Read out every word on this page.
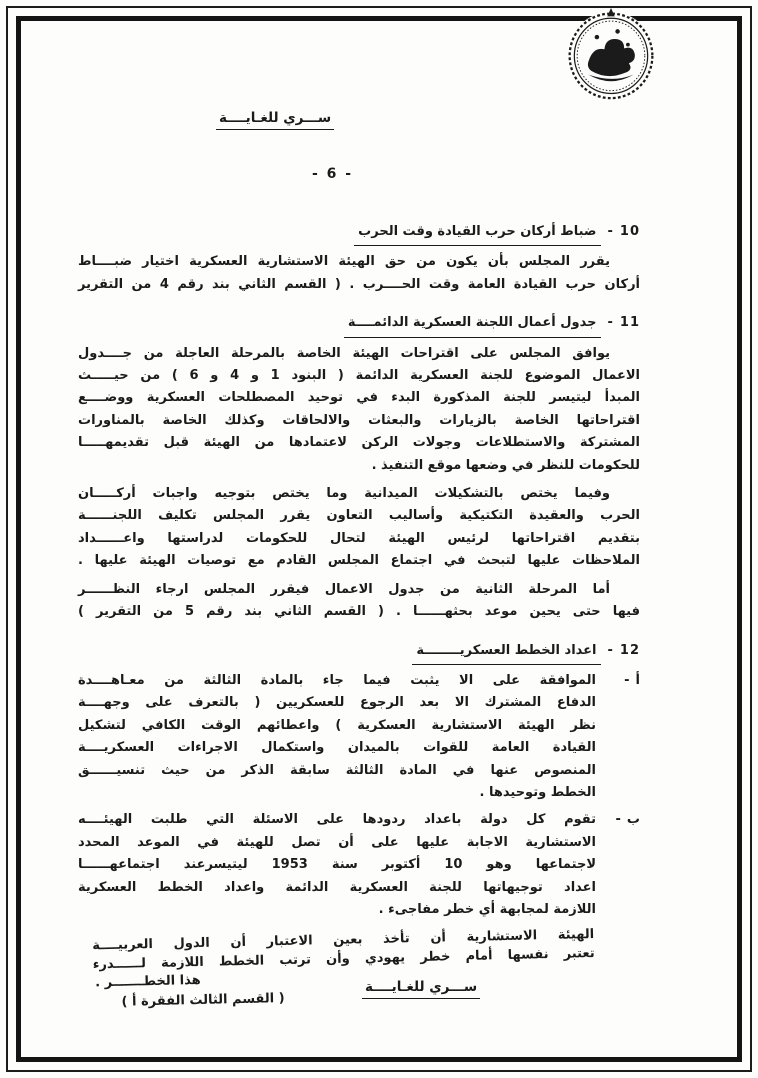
ســـري للغـايــــة
- 6 -
10
-
ضباط أركان حرب القيادة وقت الحرب
يقرر المجلس بأن يكون من حق الهيئة الاستشارية العسكرية اختيار ضبــــاط
أركان حرب القيادة العامة وقت الحــــرب . ( القسم الثاني بند رقم 4 من التقرير
11
-
جدول أعمال اللجنة العسكرية الدائمــــة
يوافق المجلس على اقتراحات الهيئة الخاصة بالمرحلة العاجلة من جــــدول
الاعمال الموضوع للجنة العسكرية الدائمة ( البنود 1 و 4 و 6 ) من حيـــــث
المبدأ ليتيسر للجنة المذكورة البدء في توحيد المصطلحات العسكرية ووضــــع
اقتراحاتها الخاصة بالزيارات والبعثات والالحاقات وكذلك الخاصة بالمناورات
المشتركة والاستطلاعات وجولات الركن لاعتمادها من الهيئة قبل تقديمهـــــا
للحكومات للنظر في وضعها موقع التنفيذ .
وفيما يختص بالتشكيلات الميدانية وما يختص بتوجيه واجبات أركـــــان
الحرب والعقيدة التكتيكية وأساليب التعاون يقرر المجلس تكليف اللجنــــــة
بتقديم اقتراحاتها لرئيس الهيئة لتحال للحكومات لدراستها واعــــــداد
الملاحظات عليها لتبحث في اجتماع المجلس القادم مع توصيات الهيئة عليها .
أما المرحلة الثانية من جدول الاعمال فيقرر المجلس ارجاء النظــــــر
فيها حتى يحين موعد بحثهــــــا . ( القسم الثاني بند رقم 5 من التقرير )
12
-
اعداد الخطط العسكريــــــــة
أ
-
الموافقة على الا يثبت فيما جاء بالمادة الثالثة من معـاهــــدة
الدفاع المشترك الا بعد الرجوع للعسكريين ( بالتعرف على وجهــــة
نظر الهيئة الاستشارية العسكرية ) واعطائهم الوقت الكافي لتشكيل
القيادة العامة للقوات بالميدان واستكمال الاجراءات العسكريــــة
المنصوص عنها في المادة الثالثة سابقة الذكر من حيث تنسيــــــق
الخطط وتوحيدها .
ب
-
تقوم كل دولة باعداد ردودها على الاسئلة التي طلبت الهيئــــه
الاستشارية الاجابة عليها على أن تصل للهيئة في الموعد المحدد
لاجتماعها وهو 10 أكتوبر سنة 1953 ليتيسرعند اجتماعهــــــا
اعداد توجيهاتها للجنة العسكرية الدائمة واعداد الخطط العسكرية
اللازمة لمجابهة أي خطر مفاجىء .
الهيئة الاستشارية أن تأخذ بعين الاعتبار أن الدول العربيــــة
تعتبر نفسها أمام خطر يهودي وأن ترتب الخطط اللازمة لــــــدرء
هذا الخطـــــــر .
( القسم الثالث الفقرة أ )
ســـري للغـايــــة
